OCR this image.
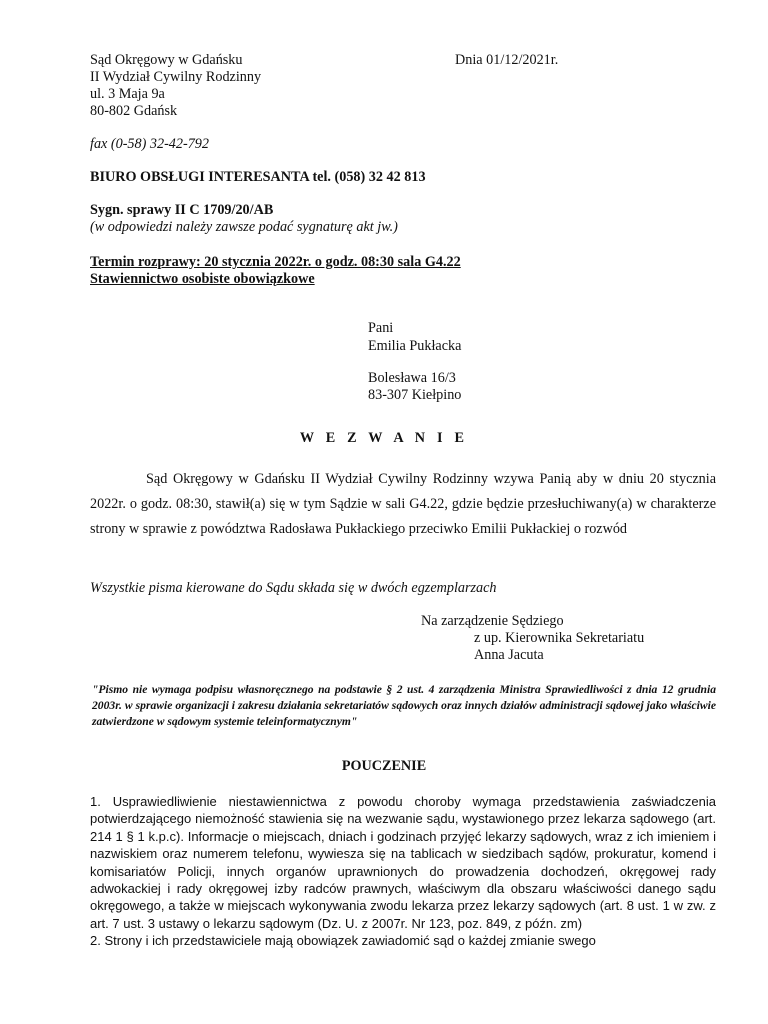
Sąd Okręgowy w Gdańsku	Dnia 01/12/2021r.
II Wydział Cywilny Rodzinny
ul. 3 Maja 9a
80-802 Gdańsk
fax (0-58) 32-42-792
BIURO OBSŁUGI INTERESANTA tel. (058) 32 42 813
Sygn. sprawy II C 1709/20/AB
(w odpowiedzi należy zawsze podać sygnaturę akt jw.)
Termin rozprawy: 20 stycznia 2022r. o godz. 08:30 sala G4.22
Stawiennictwo osobiste obowiązkowe
Pani
Emilia Pukłacka
Bolesława 16/3
83-307 Kiełpino
W E Z W A N I E

Sąd Okręgowy w Gdańsku II Wydział Cywilny Rodzinny wzywa Panią aby w dniu 20 stycznia 2022r. o godz. 08:30, stawił(a) się w tym Sądzie w sali G4.22, gdzie będzie przesłuchiwany(a) w charakterze strony w sprawie z powództwa Radosława Pukłackiego przeciwko Emilii Pukłackiej o rozwód

Wszystkie pisma kierowane do Sądu składa się w dwóch egzemplarzach
Na zarządzenie Sędziego
z up. Kierownika Sekretariatu
Anna Jacuta
"Pismo nie wymaga podpisu własnoręcznego na podstawie § 2 ust. 4 zarządzenia Ministra Sprawiedliwości z dnia 12 grudnia 2003r. w sprawie organizacji i zakresu działania sekretariatów sądowych oraz innych działów administracji sądowej jako właściwie zatwierdzone w sądowym systemie teleinformatycznym"
POUCZENIE

1. Usprawiedliwienie niestawiennictwa z powodu choroby wymaga przedstawienia zaświadczenia potwierdzającego niemożność stawienia się na wezwanie sądu, wystawionego przez lekarza sądowego (art. 214 1 § 1 k.p.c). Informacje o miejscach, dniach i godzinach przyjęć lekarzy sądowych, wraz z ich imieniem i nazwiskiem oraz numerem telefonu, wywiesza się na tablicach w siedzibach sądów, prokuratur, komend i komisariatów Policji, innych organów uprawnionych do prowadzenia dochodzeń, okręgowej rady adwokackiej i rady okręgowej izby radców prawnych, właściwym dla obszaru właściwości danego sądu okręgowego, a także w miejscach wykonywania zwodu lekarza przez lekarzy sądowych (art. 8 ust. 1 w zw. z art. 7 ust. 3 ustawy o lekarzu sądowym (Dz. U. z 2007r. Nr 123, poz. 849, z późn. zm)

2. Strony i ich przedstawiciele mają obowiązek zawiadomić sąd o każdej zmianie swego
